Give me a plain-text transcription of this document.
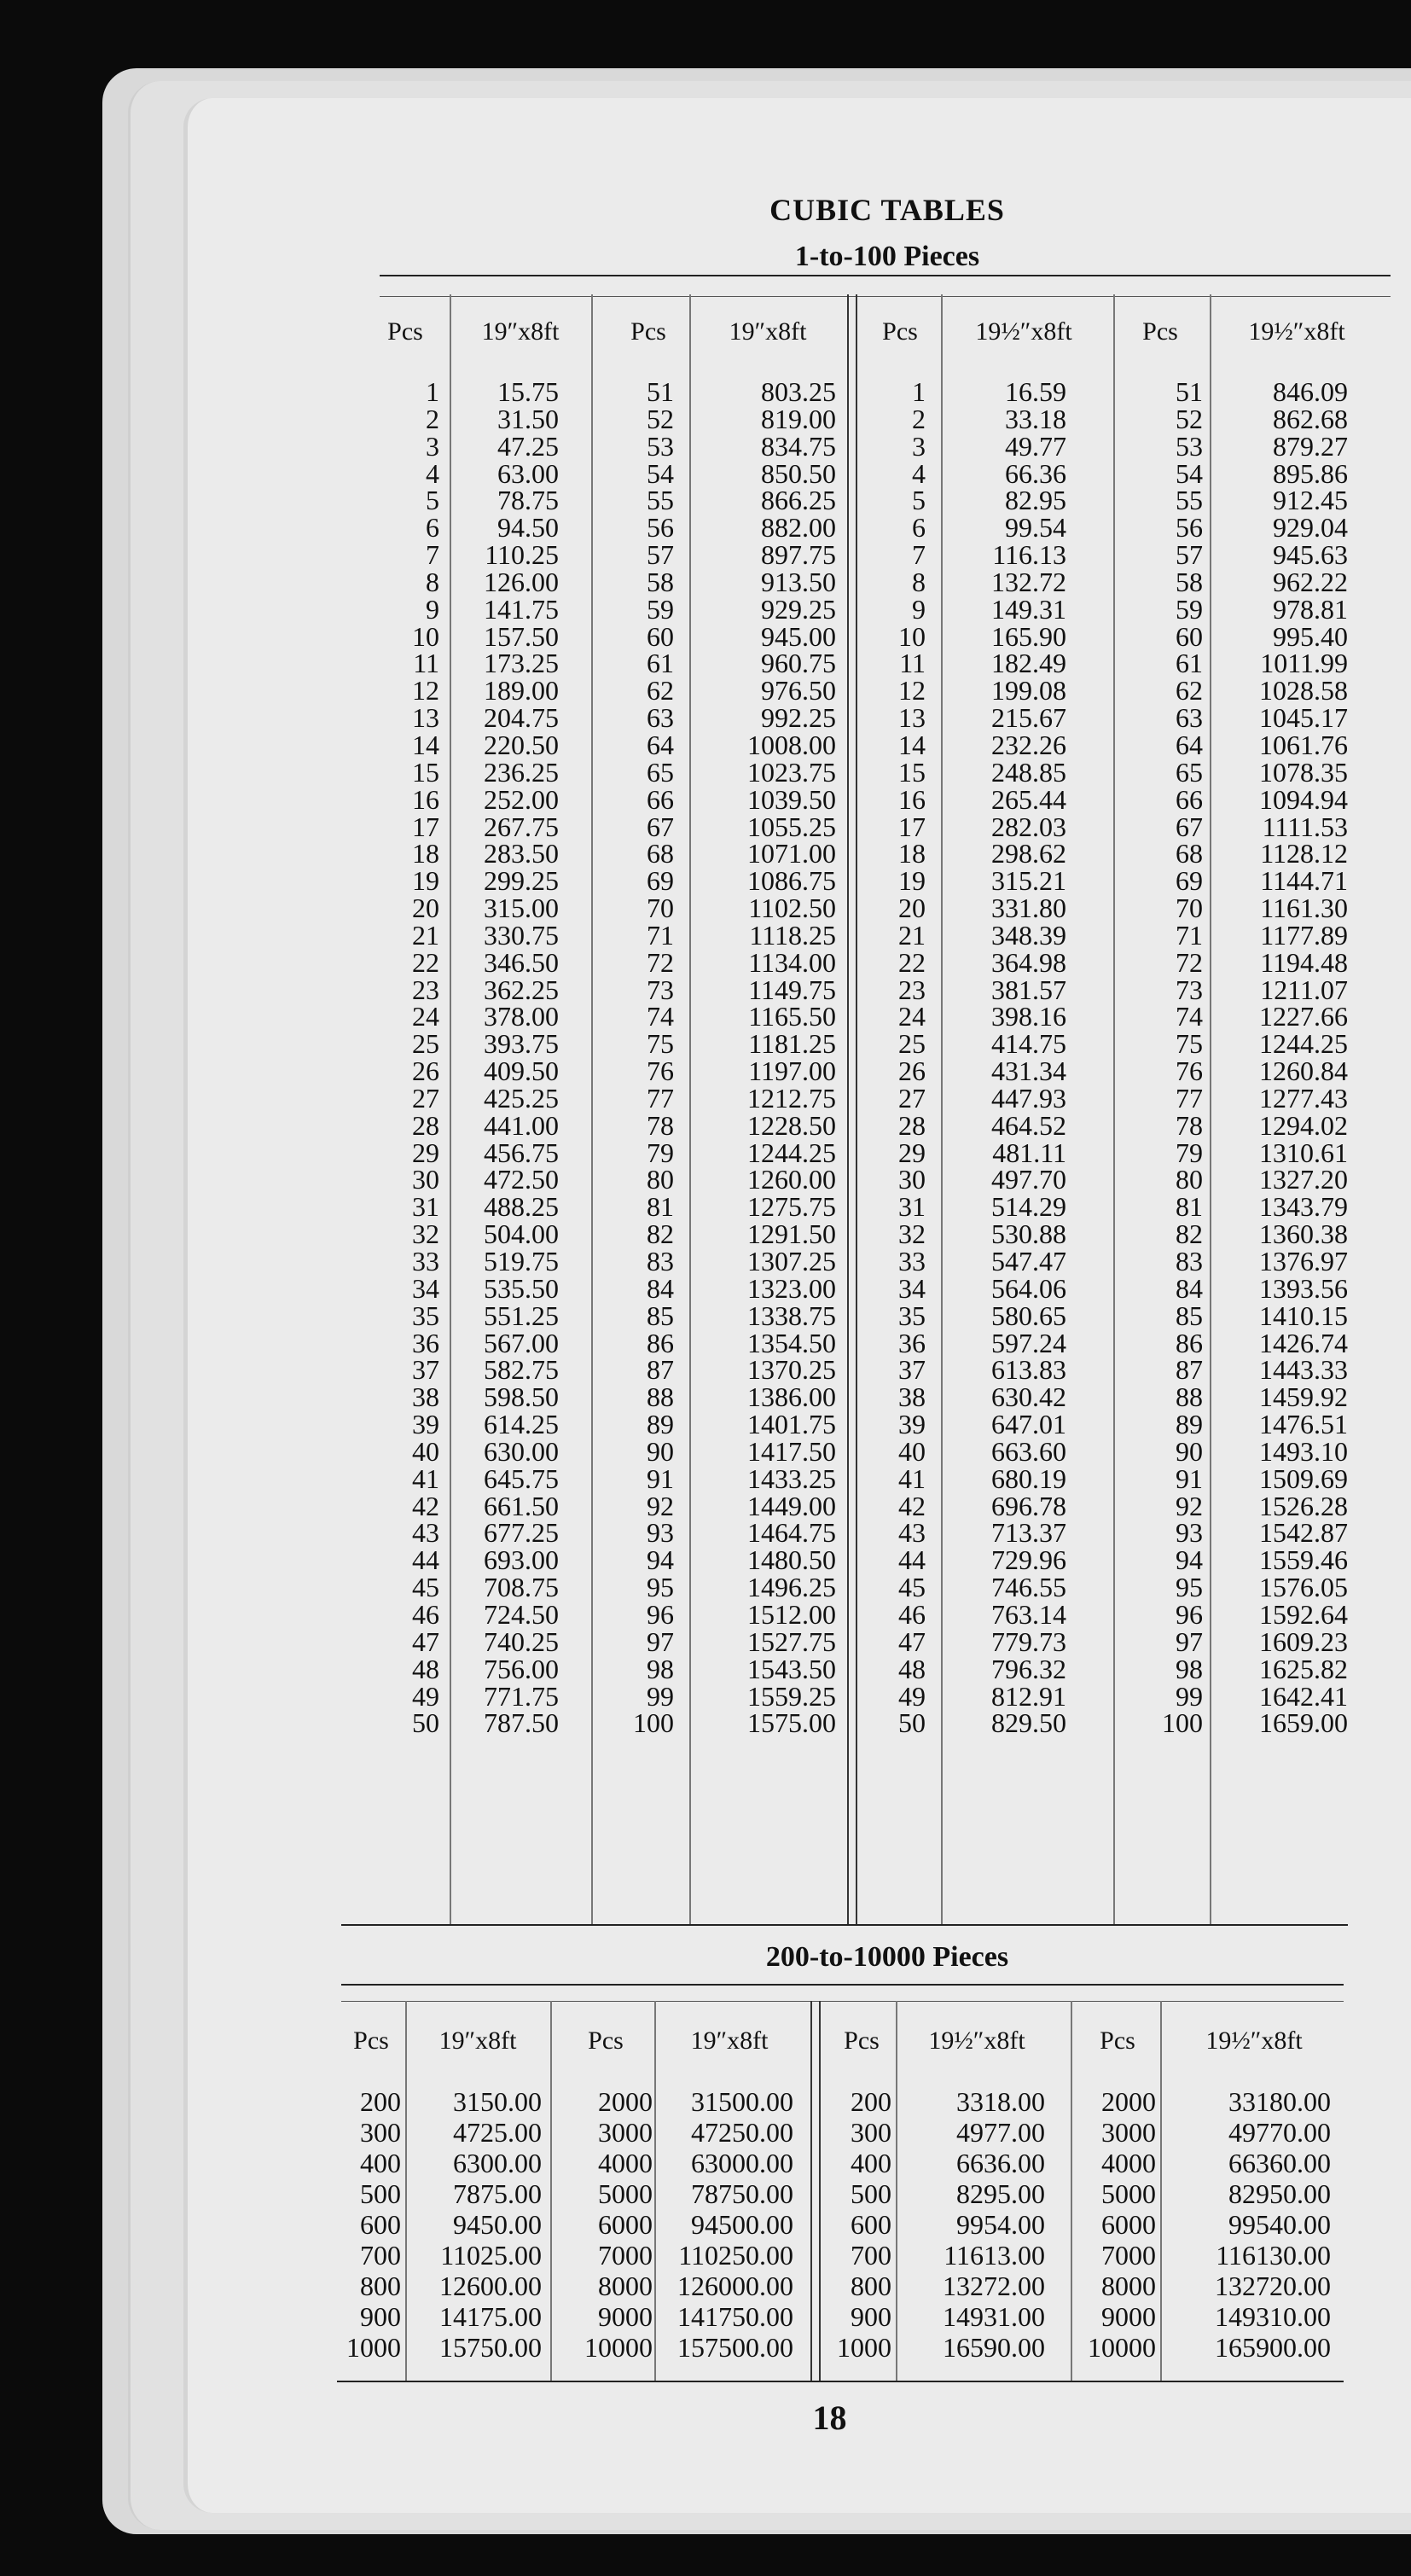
CUBIC TABLES
1-to-100 Pieces
Pcs
1
2
3
4
5
6
7
8
9
10
11
12
13
14
15
16
17
18
19
20
21
22
23
24
25
26
27
28
29
30
31
32
33
34
35
36
37
38
39
40
41
42
43
44
45
46
47
48
49
50
19″x8ft
15.75
31.50
47.25
63.00
78.75
94.50
110.25
126.00
141.75
157.50
173.25
189.00
204.75
220.50
236.25
252.00
267.75
283.50
299.25
315.00
330.75
346.50
362.25
378.00
393.75
409.50
425.25
441.00
456.75
472.50
488.25
504.00
519.75
535.50
551.25
567.00
582.75
598.50
614.25
630.00
645.75
661.50
677.25
693.00
708.75
724.50
740.25
756.00
771.75
787.50
Pcs
51
52
53
54
55
56
57
58
59
60
61
62
63
64
65
66
67
68
69
70
71
72
73
74
75
76
77
78
79
80
81
82
83
84
85
86
87
88
89
90
91
92
93
94
95
96
97
98
99
100
19″x8ft
803.25
819.00
834.75
850.50
866.25
882.00
897.75
913.50
929.25
945.00
960.75
976.50
992.25
1008.00
1023.75
1039.50
1055.25
1071.00
1086.75
1102.50
1118.25
1134.00
1149.75
1165.50
1181.25
1197.00
1212.75
1228.50
1244.25
1260.00
1275.75
1291.50
1307.25
1323.00
1338.75
1354.50
1370.25
1386.00
1401.75
1417.50
1433.25
1449.00
1464.75
1480.50
1496.25
1512.00
1527.75
1543.50
1559.25
1575.00
Pcs
1
2
3
4
5
6
7
8
9
10
11
12
13
14
15
16
17
18
19
20
21
22
23
24
25
26
27
28
29
30
31
32
33
34
35
36
37
38
39
40
41
42
43
44
45
46
47
48
49
50
19½″x8ft
16.59
33.18
49.77
66.36
82.95
99.54
116.13
132.72
149.31
165.90
182.49
199.08
215.67
232.26
248.85
265.44
282.03
298.62
315.21
331.80
348.39
364.98
381.57
398.16
414.75
431.34
447.93
464.52
481.11
497.70
514.29
530.88
547.47
564.06
580.65
597.24
613.83
630.42
647.01
663.60
680.19
696.78
713.37
729.96
746.55
763.14
779.73
796.32
812.91
829.50
Pcs
51
52
53
54
55
56
57
58
59
60
61
62
63
64
65
66
67
68
69
70
71
72
73
74
75
76
77
78
79
80
81
82
83
84
85
86
87
88
89
90
91
92
93
94
95
96
97
98
99
100
19½″x8ft
846.09
862.68
879.27
895.86
912.45
929.04
945.63
962.22
978.81
995.40
1011.99
1028.58
1045.17
1061.76
1078.35
1094.94
1111.53
1128.12
1144.71
1161.30
1177.89
1194.48
1211.07
1227.66
1244.25
1260.84
1277.43
1294.02
1310.61
1327.20
1343.79
1360.38
1376.97
1393.56
1410.15
1426.74
1443.33
1459.92
1476.51
1493.10
1509.69
1526.28
1542.87
1559.46
1576.05
1592.64
1609.23
1625.82
1642.41
1659.00
200-to-10000 Pieces
Pcs
200
300
400
500
600
700
800
900
1000
19″x8ft
3150.00
4725.00
6300.00
7875.00
9450.00
11025.00
12600.00
14175.00
15750.00
Pcs
2000
3000
4000
5000
6000
7000
8000
9000
10000
19″x8ft
31500.00
47250.00
63000.00
78750.00
94500.00
110250.00
126000.00
141750.00
157500.00
Pcs
200
300
400
500
600
700
800
900
1000
19½″x8ft
3318.00
4977.00
6636.00
8295.00
9954.00
11613.00
13272.00
14931.00
16590.00
Pcs
2000
3000
4000
5000
6000
7000
8000
9000
10000
19½″x8ft
33180.00
49770.00
66360.00
82950.00
99540.00
116130.00
132720.00
149310.00
165900.00
18
